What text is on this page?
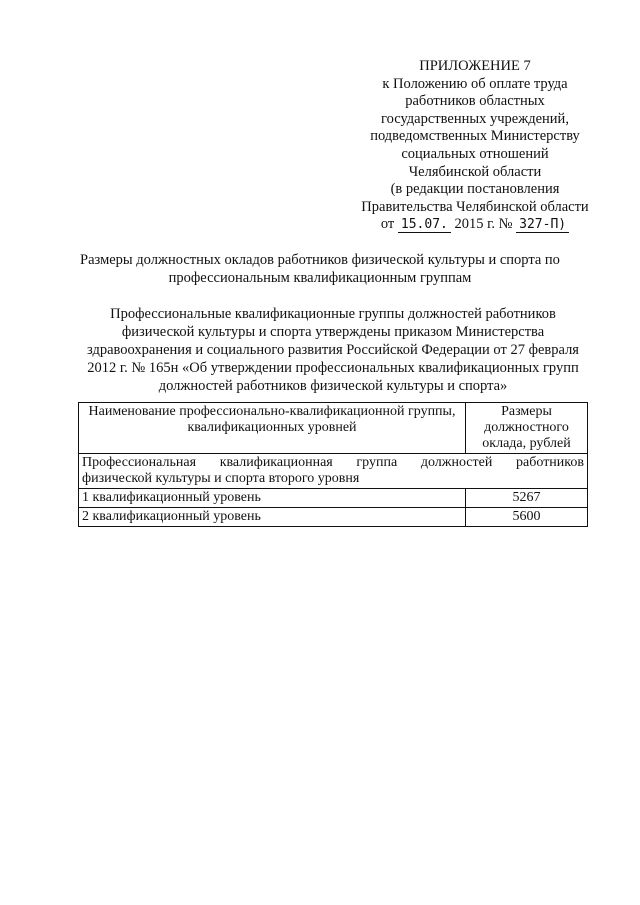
ПРИЛОЖЕНИЕ 7
к Положению об оплате труда
работников областных
государственных учреждений,
подведомственных Министерству
социальных отношений
Челябинской области
(в редакции постановления
Правительства Челябинской области
от 15.07. 2015 г. № 327-П)
Размеры должностных окладов работников физической культуры и спорта по профессиональным квалификационным группам
Профессиональные квалификационные группы должностей работников физической культуры и спорта утверждены приказом Министерства здравоохранения и социального развития Российской Федерации от 27 февраля 2012 г. № 165н «Об утверждении профессиональных квалификационных групп должностей работников физической культуры и спорта»
Наименование профессионально-квалификационной группы, квалификационных уровней	Размеры должностного оклада, рублей
Профессиональная квалификационная группа должностей работников

физической культуры и спорта второго уровня	

1 квалификационный уровень	5267
2 квалификационный уровень	5600
